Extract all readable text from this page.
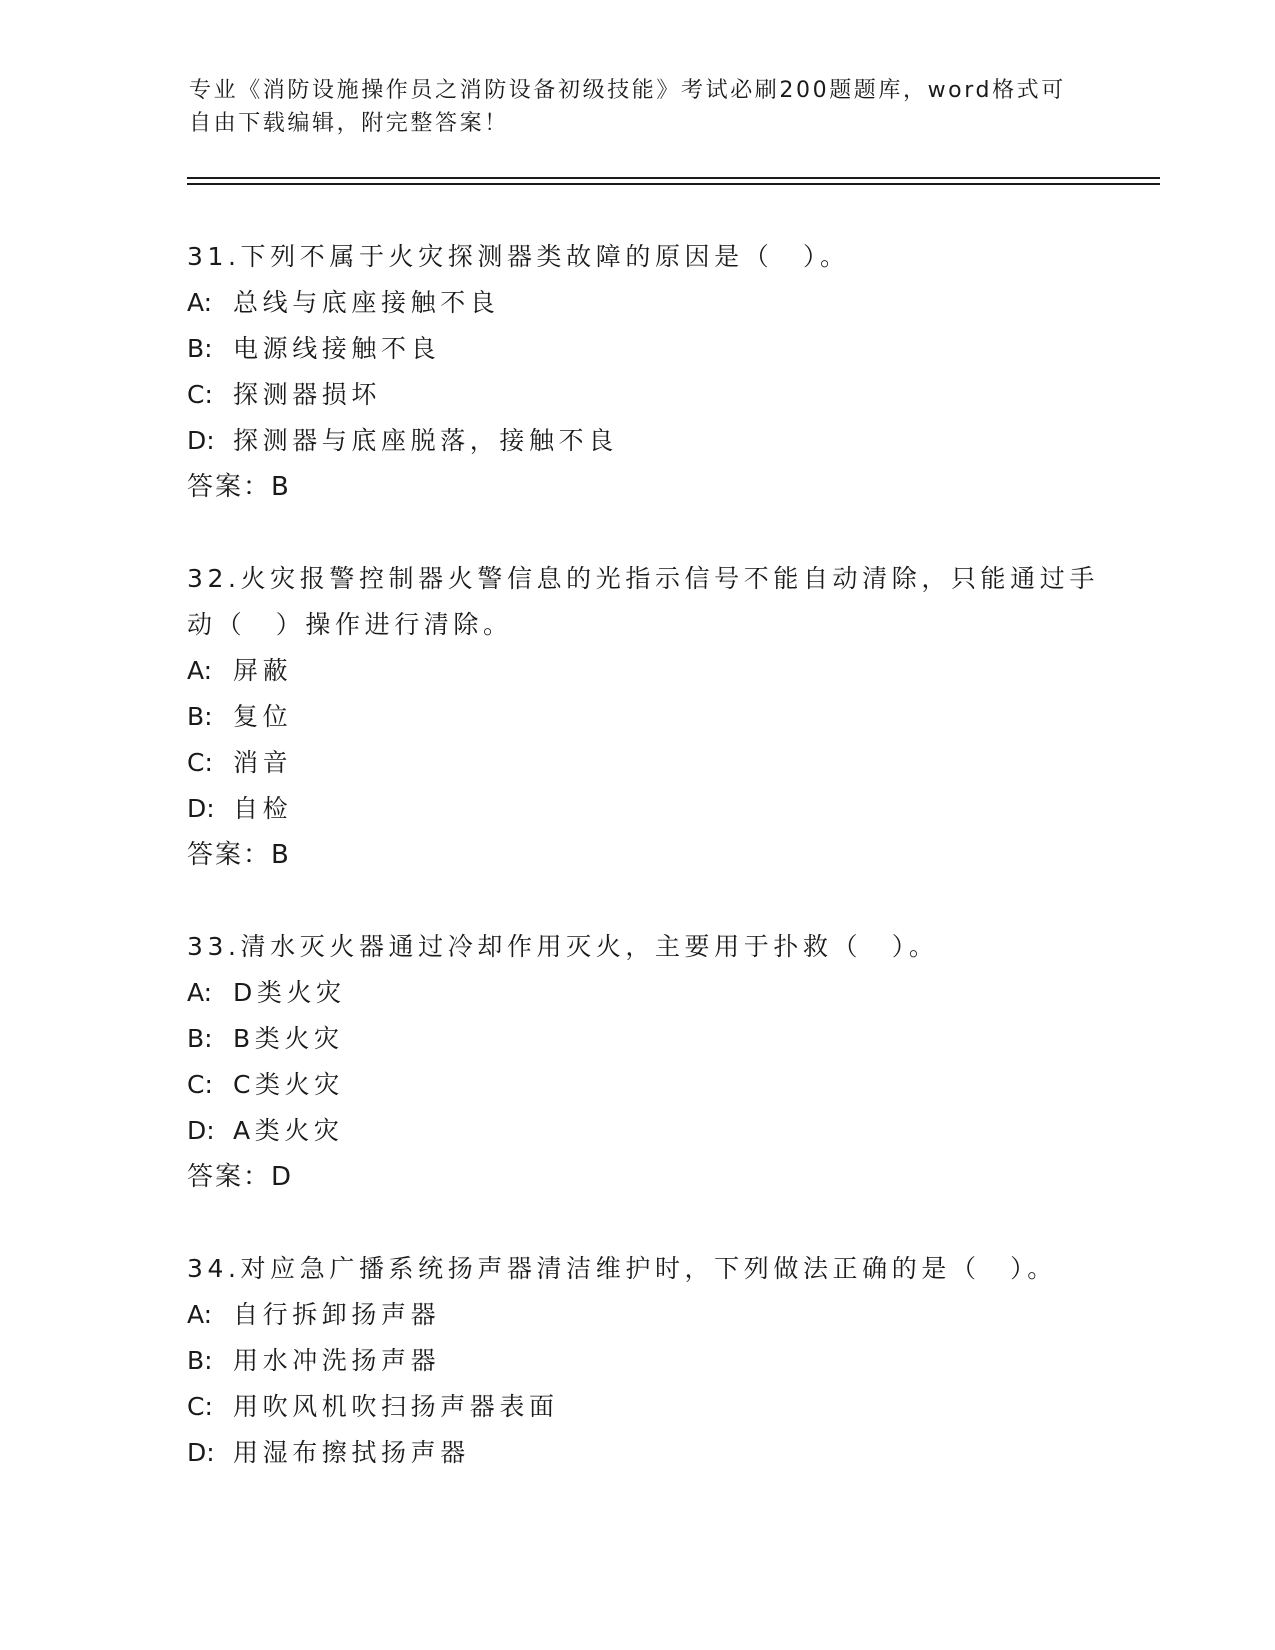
专业《消防设施操作员之消防设备初级技能》考试必刷200题题库，word格式可
自由下载编辑，附完整答案！
31.下列不属于火灾探测器类故障的原因是（　）。
A: 总线与底座接触不良
B: 电源线接触不良
C: 探测器损坏
D: 探测器与底座脱落，接触不良
答案：B
32.火灾报警控制器火警信息的光指示信号不能自动清除，只能通过手
动（　）操作进行清除。
A: 屏蔽
B: 复位
C: 消音
D: 自检
答案：B
33.清水灭火器通过冷却作用灭火，主要用于扑救（　）。
A: D类火灾
B: B类火灾
C: C类火灾
D: A类火灾
答案：D
34.对应急广播系统扬声器清洁维护时，下列做法正确的是（　）。
A: 自行拆卸扬声器
B: 用水冲洗扬声器
C: 用吹风机吹扫扬声器表面
D: 用湿布擦拭扬声器
